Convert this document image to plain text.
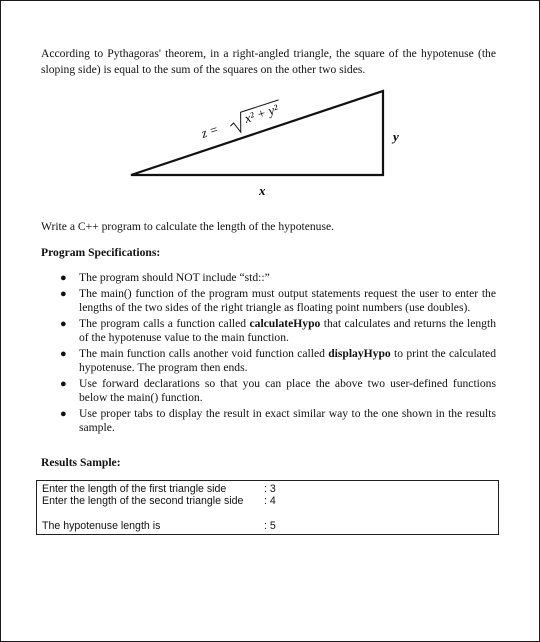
According to Pythagoras' theorem, in a right-angled triangle, the square of the hypotenuse (the sloping side) is equal to the sum of the squares on the other two sides.
z =
x² + y²
y
x
Write a C++ program to calculate the length of the hypotenuse.
Program Specifications:
● The program should NOT include “std::”
● The main() function of the program must output statements request the user to enter the lengths of the two sides of the right triangle as floating point numbers (use doubles).
● The program calls a function called calculateHypo that calculates and returns the length of the hypotenuse value to the main function.
● The main function calls another void function called displayHypo to print the calculated hypotenuse. The program then ends.
● Use forward declarations so that you can place the above two user-defined functions below the main() function.
● Use proper tabs to display the result in exact similar way to the one shown in the results sample.
Results Sample:
Enter the length of the first triangle side	: 3
Enter the length of the second triangle side : 4
The hypotenuse length is	: 5
